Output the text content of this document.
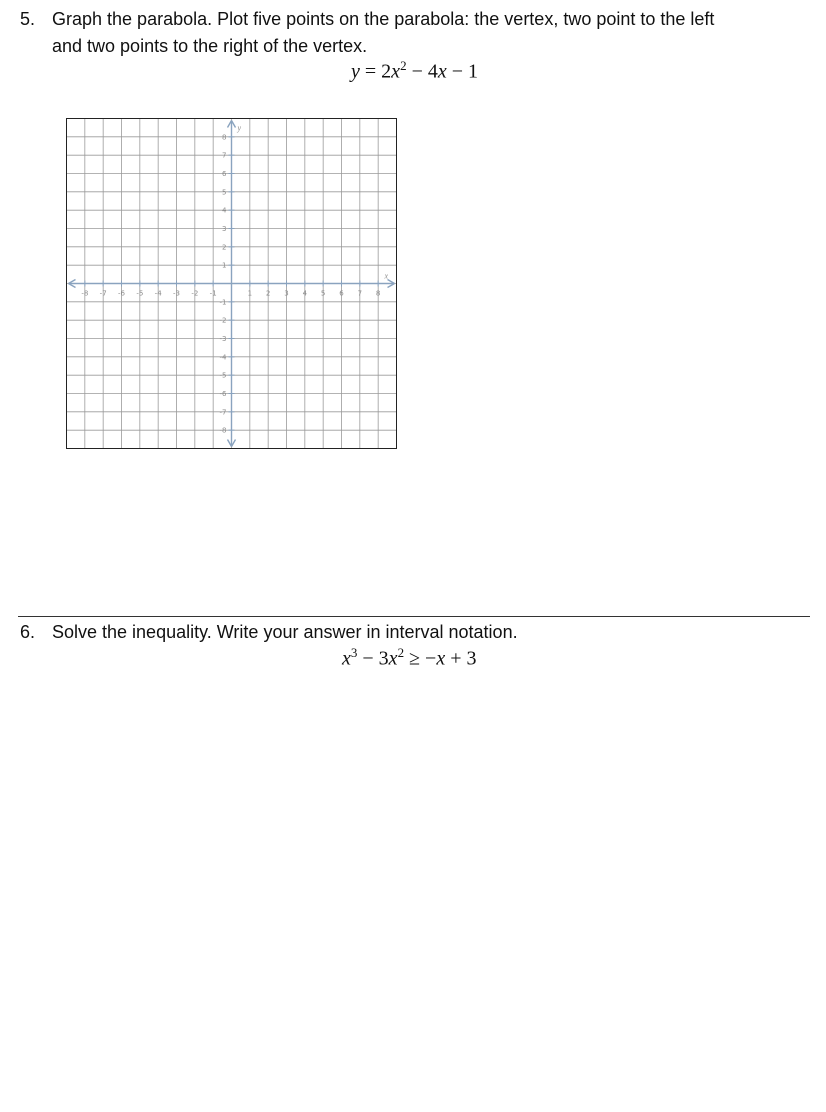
5. Graph the parabola. Plot five points on the parabola: the vertex, two point to the left
and two points to the right of the vertex.
$y = 2x^2 - 4x - 1$
-8 -7 -6 -5 -4 -3 -2 -1	1 2 3 4 5 6 7 8
8
7
6
5
4
3
2
1
-1
-2
-3
-4
-5
-6
-7
-8
x
y
6. Solve the inequality. Write your answer in interval notation.
$x^3 - 3x^2 \ge -x + 3$
